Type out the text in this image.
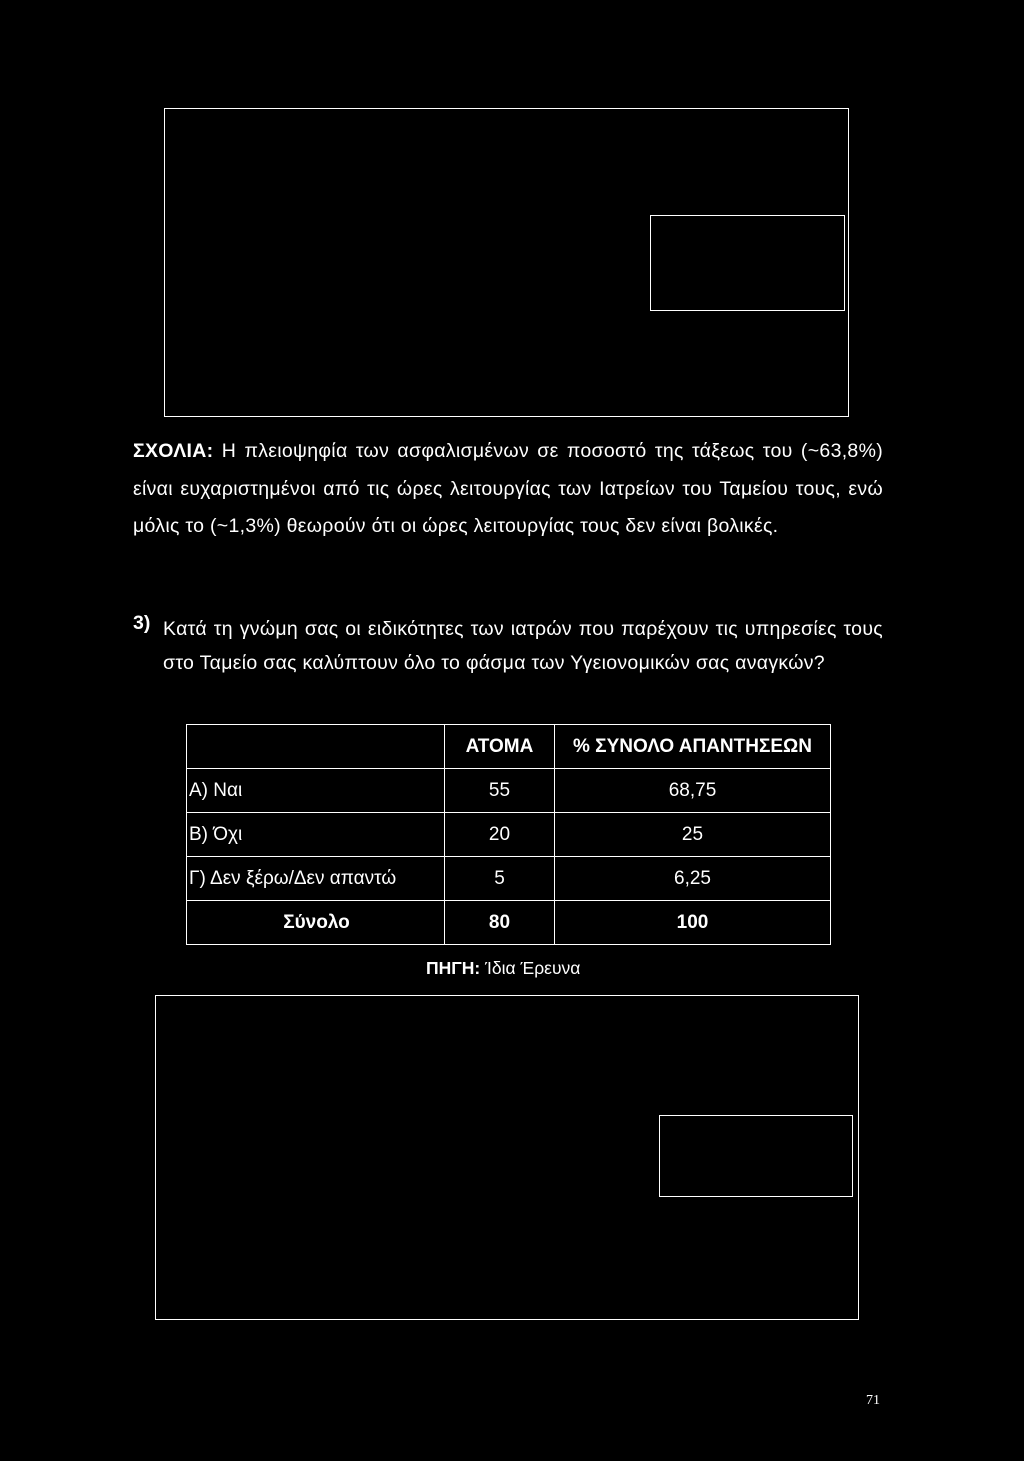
ΣΧΟΛΙΑ: Η πλειοψηφία των ασφαλισμένων σε ποσοστό της τάξεως του (~63,8%) είναι ευχαριστημένοι από τις ώρες λειτουργίας των Ιατρείων του Ταμείου τους, ενώ μόλις το (~1,3%) θεωρούν ότι οι ώρες λειτουργίας τους δεν είναι βολικές.
3) Κατά τη γνώμη σας οι ειδικότητες των ιατρών που παρέχουν τις υπηρεσίες τους στο Ταμείο σας καλύπτουν όλο το φάσμα των Υγειονομικών σας αναγκών?
	ΑΤΟΜΑ	% ΣΥΝΟΛΟ ΑΠΑΝΤΗΣΕΩΝ
Α) Ναι	55	68,75
Β) Όχι	20	25
Γ) Δεν ξέρω/Δεν απαντώ	5	6,25
Σύνολο	80	100
ΠΗΓΗ: Ίδια Έρευνα
71
